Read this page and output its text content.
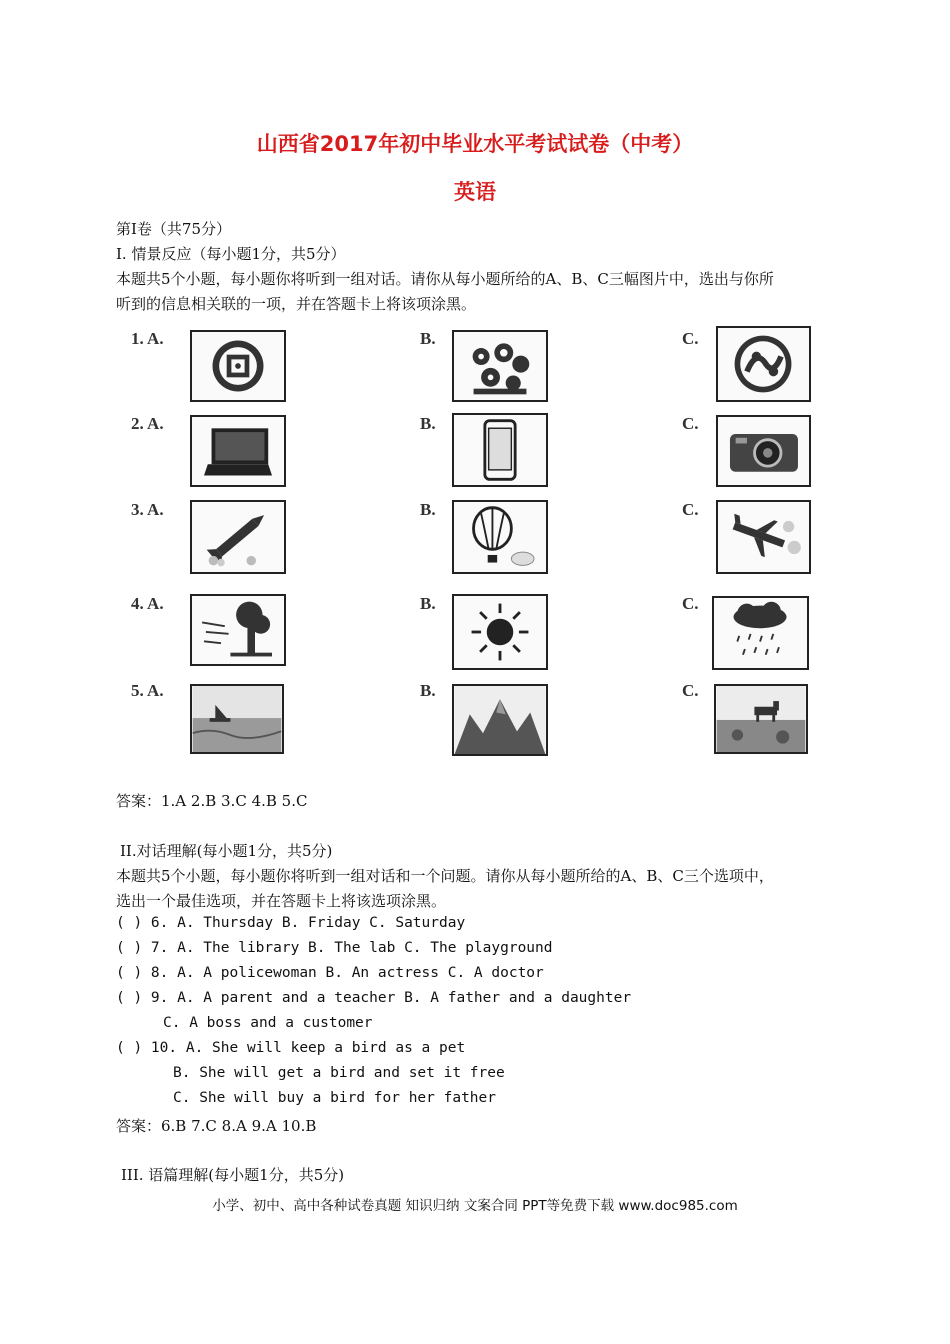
山西省2017年初中毕业水平考试试卷（中考）
英语
第I卷（共75分）
I. 情景反应（每小题1分，共5分）
本题共5个小题，每小题你将听到一组对话。请你从每小题所给的A、B、C三幅图片中，选出与你所
听到的信息相关联的一项，并在答题卡上将该项涂黑。
1. A.	B.	C.
2. A.	B.	C.
3. A.	B.	C.
4. A.	B.	C.
5. A.	B.	C.
答案：1.A 2.B 3.C 4.B 5.C
II.对话理解(每小题1分，共5分)
本题共5个小题，每小题你将听到一组对话和一个问题。请你从每小题所给的A、B、C三个选项中，
选出一个最佳选项，并在答题卡上将该选项涂黑。
( ) 6. A. Thursday B. Friday C. Saturday
( ) 7. A. The library B. The lab C. The playground
( ) 8. A. A policewoman B. An actress C. A doctor
( ) 9. A. A parent and a teacher B. A father and a daughter
C. A boss and a customer
( ) 10. A. She will keep a bird as a pet
B. She will get a bird and set it free
C. She will buy a bird for her father
答案：6.B 7.C 8.A 9.A 10.B
III. 语篇理解(每小题1分，共5分)
小学、初中、高中各种试卷真题 知识归纳 文案合同 PPT等免费下载 www.doc985.com
